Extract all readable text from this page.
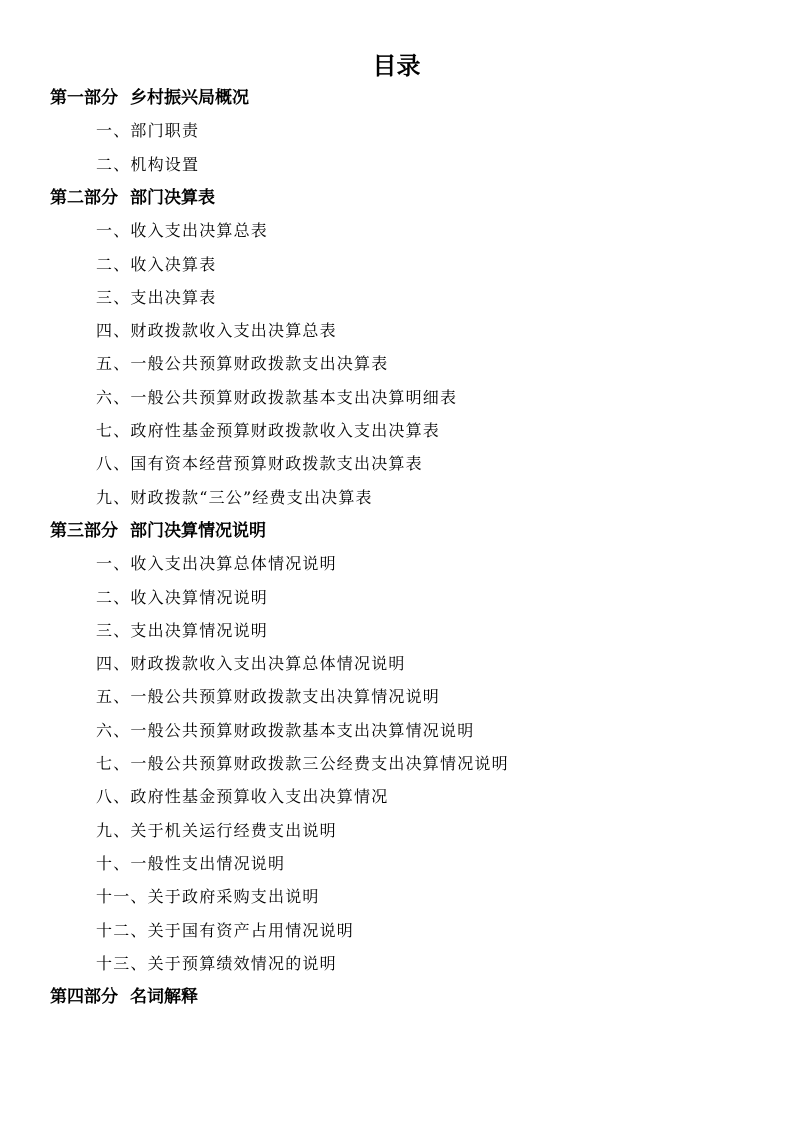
目录
第一部分 乡村振兴局概况
一、部门职责
二、机构设置
第二部分 部门决算表
一、收入支出决算总表
二、收入决算表
三、支出决算表
四、财政拨款收入支出决算总表
五、一般公共预算财政拨款支出决算表
六、一般公共预算财政拨款基本支出决算明细表
七、政府性基金预算财政拨款收入支出决算表
八、国有资本经营预算财政拨款支出决算表
九、财政拨款“三公”经费支出决算表
第三部分 部门决算情况说明
一、收入支出决算总体情况说明
二、收入决算情况说明
三、支出决算情况说明
四、财政拨款收入支出决算总体情况说明
五、一般公共预算财政拨款支出决算情况说明
六、一般公共预算财政拨款基本支出决算情况说明
七、一般公共预算财政拨款三公经费支出决算情况说明
八、政府性基金预算收入支出决算情况
九、关于机关运行经费支出说明
十、一般性支出情况说明
十一、关于政府采购支出说明
十二、关于国有资产占用情况说明
十三、关于预算绩效情况的说明
第四部分 名词解释
